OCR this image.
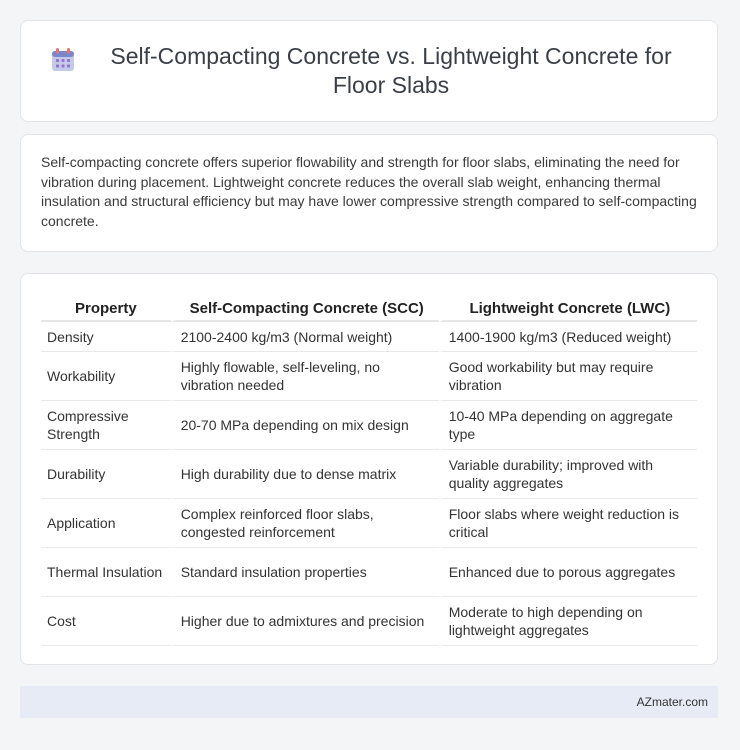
Self-Compacting Concrete vs. Lightweight Concrete for Floor Slabs

Self-compacting concrete offers superior flowability and strength for floor slabs, eliminating the need for vibration during placement. Lightweight concrete reduces the overall slab weight, enhancing thermal insulation and structural efficiency but may have lower compressive strength compared to self-compacting concrete.

Property	Self-Compacting Concrete (SCC)	Lightweight Concrete (LWC)
Density	2100-2400 kg/m3 (Normal weight)	1400-1900 kg/m3 (Reduced weight)
Workability	Highly flowable, self-leveling, no vibration needed	Good workability but may require vibration
Compressive Strength	20-70 MPa depending on mix design	10-40 MPa depending on aggregate type
Durability	High durability due to dense matrix	Variable durability; improved with quality aggregates
Application	Complex reinforced floor slabs, congested reinforcement	Floor slabs where weight reduction is critical
Thermal Insulation	Standard insulation properties	Enhanced due to porous aggregates
Cost	Higher due to admixtures and precision	Moderate to high depending on lightweight aggregates
AZmater.com
